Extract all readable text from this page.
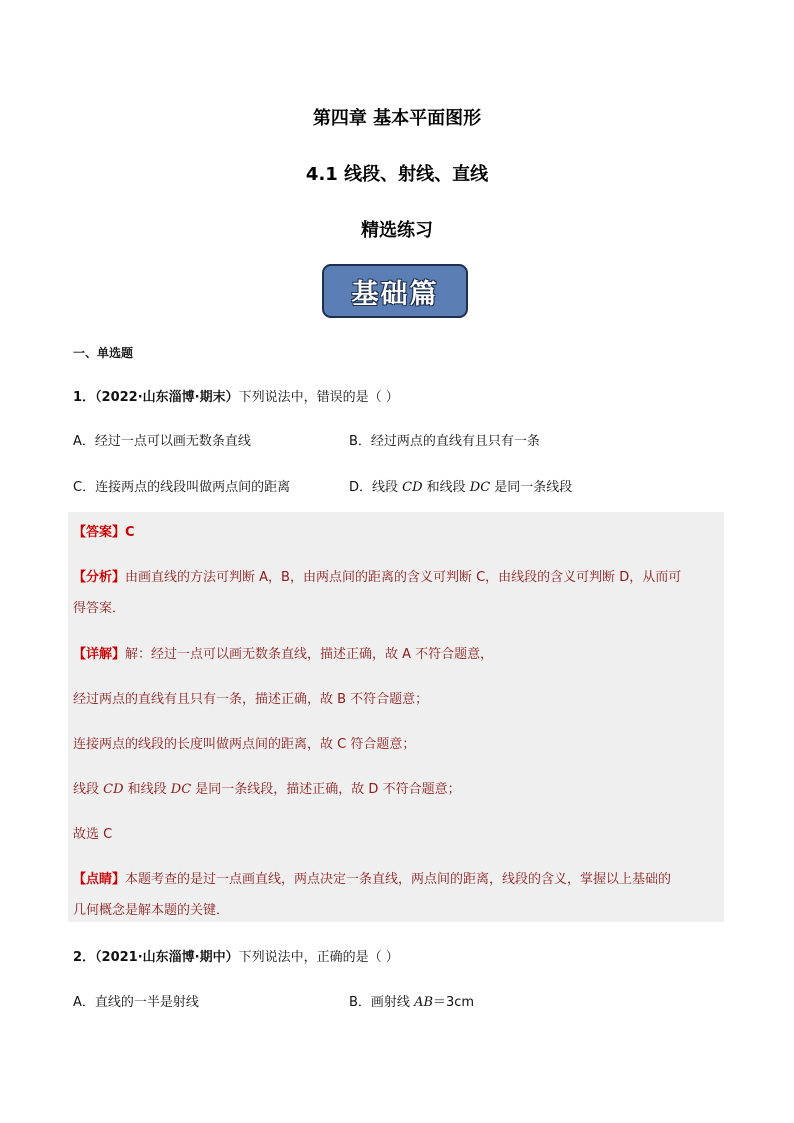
第四章 基本平面图形
4.1 线段、射线、直线
精选练习
基础篇
一、单选题
1．（2022·山东淄博·期末）下列说法中，错误的是（ ）
A．经过一点可以画无数条直线	B．经过两点的直线有且只有一条
C．连接两点的线段叫做两点间的距离	D．线段 CD 和线段 DC 是同一条线段
【答案】C
【分析】由画直线的方法可判断 A，B，由两点间的距离的含义可判断 C，由线段的含义可判断 D，从而可
得答案．
【详解】解：经过一点可以画无数条直线，描述正确，故 A 不符合题意，
经过两点的直线有且只有一条，描述正确，故 B 不符合题意；
连接两点的线段的长度叫做两点间的距离，故 C 符合题意；
线段 CD 和线段 DC 是同一条线段，描述正确，故 D 不符合题意；
故选 C
【点睛】本题考查的是过一点画直线，两点决定一条直线，两点间的距离，线段的含义，掌握以上基础的
几何概念是解本题的关键．
2．（2021·山东淄博·期中）下列说法中，正确的是（ ）
A．直线的一半是射线	B．画射线 AB＝3cm
